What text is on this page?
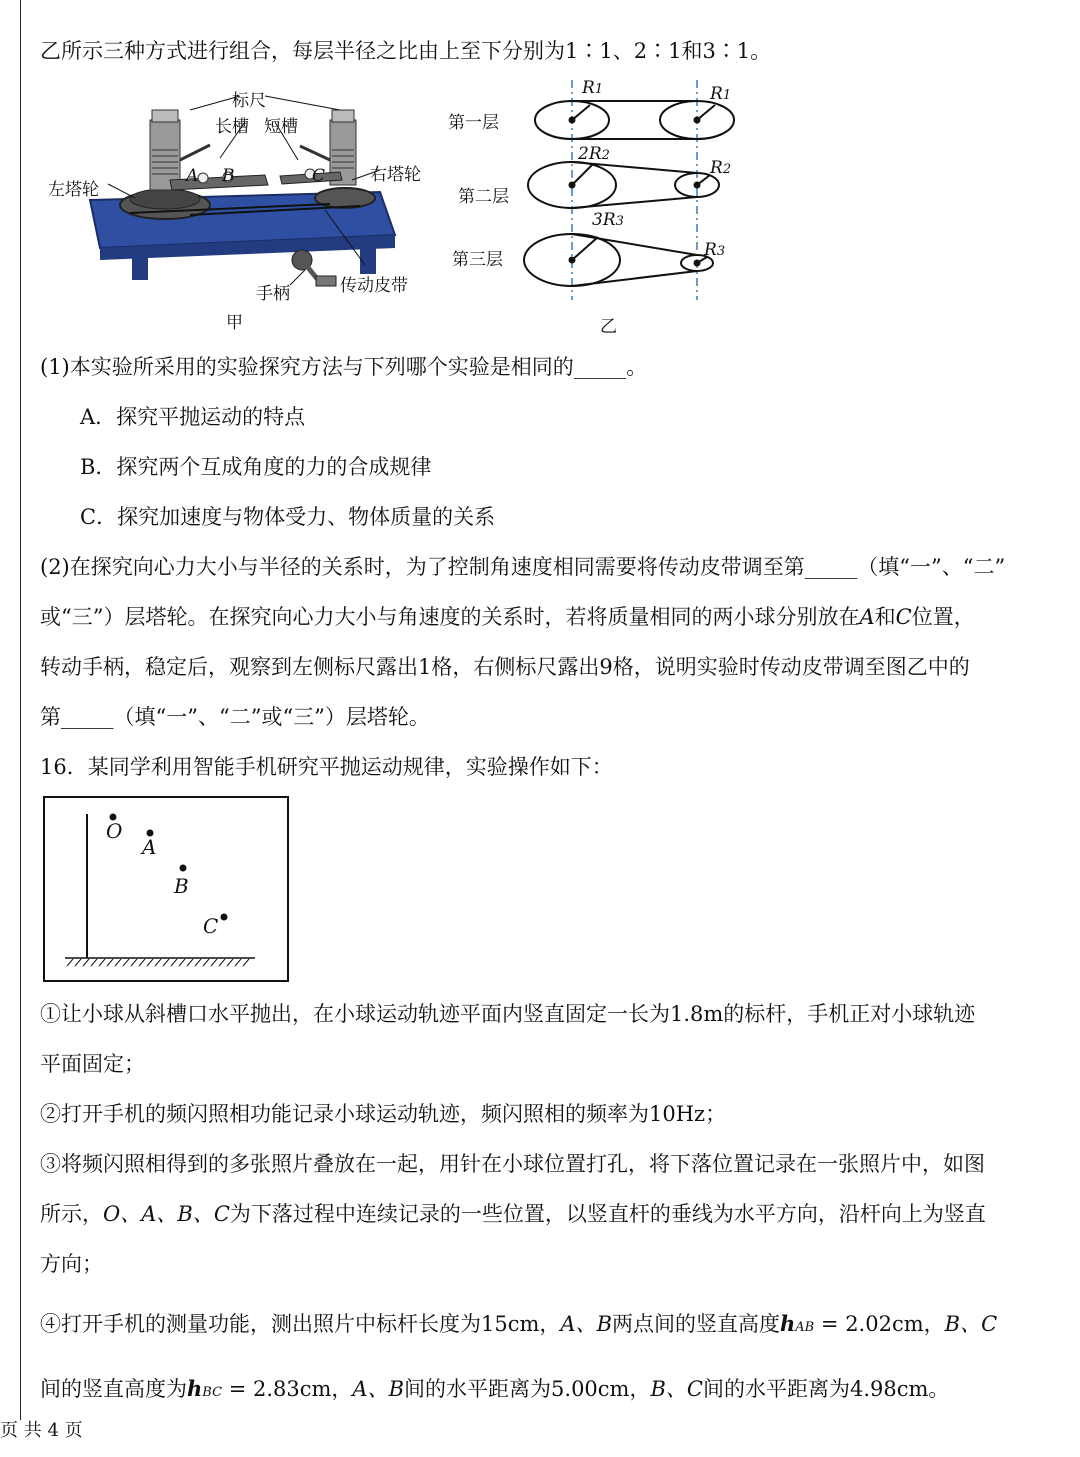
乙所示三种方式进行组合，每层半径之比由上至下分别为1∶1、2∶1和3∶1。
标尺
长槽 短槽
左塔轮
右塔轮
手柄	传动皮带
A B	C
甲
第一层
第二层
第三层
R1	R1
2R2
R2
3R3
R3
乙
(1)本实验所采用的实验探究方法与下列哪个实验是相同的_____。
A．探究平抛运动的特点
B．探究两个互成角度的力的合成规律
C．探究加速度与物体受力、物体质量的关系
(2)在探究向心力大小与半径的关系时，为了控制角速度相同需要将传动皮带调至第_____（填“一”、“二”
或“三”）层塔轮。在探究向心力大小与角速度的关系时，若将质量相同的两小球分别放在A和C位置，
转动手柄，稳定后，观察到左侧标尺露出1格，右侧标尺露出9格，说明实验时传动皮带调至图乙中的
第_____（填“一”、“二”或“三”）层塔轮。
16．某同学利用智能手机研究平抛运动规律，实验操作如下：
O
A
B
C
①让小球从斜槽口水平抛出，在小球运动轨迹平面内竖直固定一长为1.8m的标杆，手机正对小球轨迹
平面固定；
②打开手机的频闪照相功能记录小球运动轨迹，频闪照相的频率为10Hz；
③将频闪照相得到的多张照片叠放在一起，用针在小球位置打孔，将下落位置记录在一张照片中，如图
所示，O、A、B、C为下落过程中连续记录的一些位置，以竖直杆的垂线为水平方向，沿杆向上为竖直
方向；
④打开手机的测量功能，测出照片中标杆长度为15cm，A、B两点间的竖直高度hAB = 2.02cm，B、C
间的竖直高度为hBC = 2.83cm，A、B间的水平距离为5.00cm，B、C间的水平距离为4.98cm。
页 共 4 页
